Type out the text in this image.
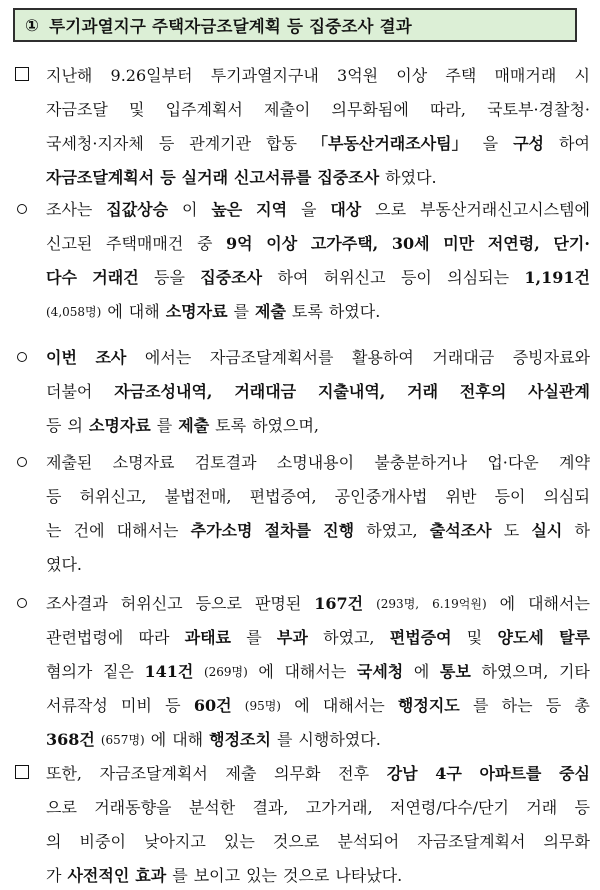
① 투기과열지구 주택자금조달계획 등 집중조사 결과
지난해 9.26일부터 투기과열지구내 3억원 이상 주택 매매거래 시
자금조달 및 입주계획서 제출이 의무화됨에 따라, 국토부·경찰청·
국세청·지자체 등 관계기관 합동 「부동산거래조사팀」 을 구성 하여
자금조달계획서 등 실거래 신고서류를 집중조사 하였다.
조사는 집값상승 이 높은 지역 을 대상 으로 부동산거래신고시스템에
신고된 주택매매건 중 9억 이상 고가주택, 30세 미만 저연령, 단기·
다수 거래건 등을 집중조사 하여 허위신고 등이 의심되는 1,191건
(4,058명) 에 대해 소명자료 를 제출 토록 하였다.
이번 조사 에서는 자금조달계획서를 활용하여 거래대금 증빙자료와
더불어 자금조성내역, 거래대금 지출내역, 거래 전후의 사실관계
등 의 소명자료 를 제출 토록 하였으며,
제출된 소명자료 검토결과 소명내용이 불충분하거나 업·다운 계약
등 허위신고, 불법전매, 편법증여, 공인중개사법 위반 등이 의심되
는 건에 대해서는 추가소명 절차를 진행 하였고, 출석조사 도 실시 하
였다.
조사결과 허위신고 등으로 판명된 167건 (293명, 6.19억원) 에 대해서는
관련법령에 따라 과태료 를 부과 하였고, 편법증여 및 양도세 탈루
혐의가 짙은 141건 (269명) 에 대해서는 국세청 에 통보 하였으며, 기타
서류작성 미비 등 60건 (95명) 에 대해서는 행정지도 를 하는 등 총
368건 (657명) 에 대해 행정조치 를 시행하였다.
또한, 자금조달계획서 제출 의무화 전후 강남 4구 아파트를 중심
으로 거래동향을 분석한 결과, 고가거래, 저연령/다수/단기 거래 등
의 비중이 낮아지고 있는 것으로 분석되어 자금조달계획서 의무화
가 사전적인 효과 를 보이고 있는 것으로 나타났다.
